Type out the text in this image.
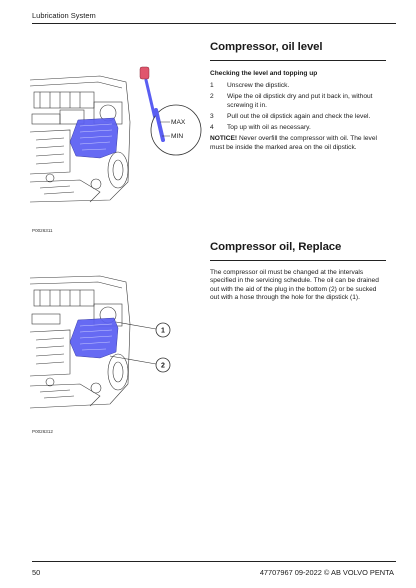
Lubrication System
MAX
MIN
P0026311
Compressor, oil level
Checking the level and topping up
1	Unscrew the dipstick.
2	Wipe the oil dipstick dry and put it back in, without screwing it in.
3	Pull out the oil dipstick again and check the level.
4	Top up with oil as necessary.

NOTICE! Never overfill the compressor with oil. The level must be inside the marked area on the oil dipstick.

1
2
P0026312
Compressor oil, Replace

The compressor oil must be changed at the intervals specified in the servicing schedule. The oil can be drained out with the aid of the plug in the bottom (2) or be sucked out with a hose through the hole for the dipstick (1).

50	47707967 09-2022 © AB VOLVO PENTA
